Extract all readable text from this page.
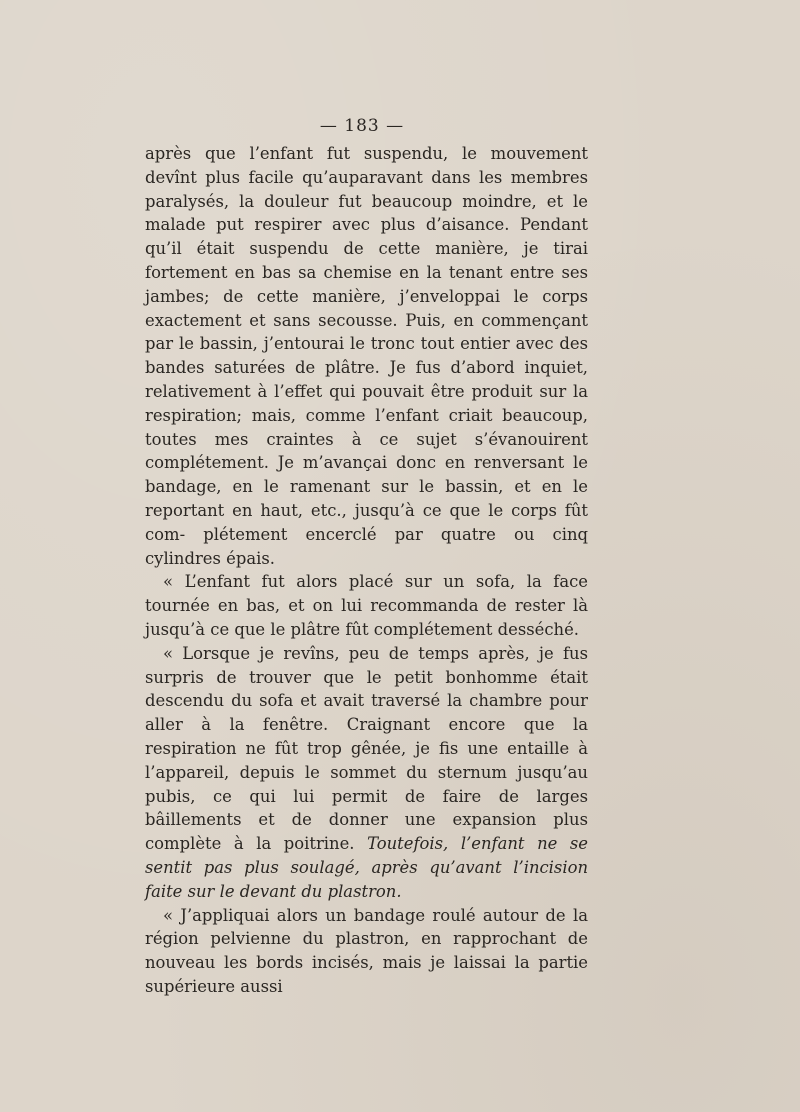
— 183 —

après que l’enfant fut suspendu, le mouvement devînt plus facile qu’auparavant dans les membres paralysés, la douleur fut beaucoup moindre, et le malade put respirer avec plus d’aisance. Pendant qu’il était suspendu de cette manière, je tirai fortement en bas sa chemise en la tenant entre ses jambes; de cette manière, j’enveloppai le corps exactement et sans secousse. Puis, en commençant par le bassin, j’entourai le tronc tout entier avec des bandes saturées de plâtre. Je fus d’abord inquiet, relativement à l’effet qui pouvait être produit sur la respiration; mais, comme l’enfant criait beaucoup, toutes mes craintes à ce sujet s’évanouirent complétement. Je m’avançai donc en renversant le bandage, en le ramenant sur le bassin, et en le reportant en haut, etc., jusqu’à ce que le corps fût com- plétement encerclé par quatre ou cinq cylindres épais.

« L’enfant fut alors placé sur un sofa, la face tournée en bas, et on lui recommanda de rester là jusqu’à ce que le plâtre fût complétement desséché.

« Lorsque je revîns, peu de temps après, je fus surpris de trouver que le petit bonhomme était descendu du sofa et avait traversé la chambre pour aller à la fenêtre. Craignant encore que la respiration ne fût trop gênée, je fis une entaille à l’appareil, depuis le sommet du sternum jusqu’au pubis, ce qui lui permit de faire de larges bâillements et de donner une expansion plus complète à la poitrine. Toutefois, l’enfant ne se sentit pas plus soulagé, après qu’avant l’incision faite sur le devant du plastron.

« J’appliquai alors un bandage roulé autour de la région pelvienne du plastron, en rapprochant de nouveau les bords incisés, mais je laissai la partie supérieure aussi
